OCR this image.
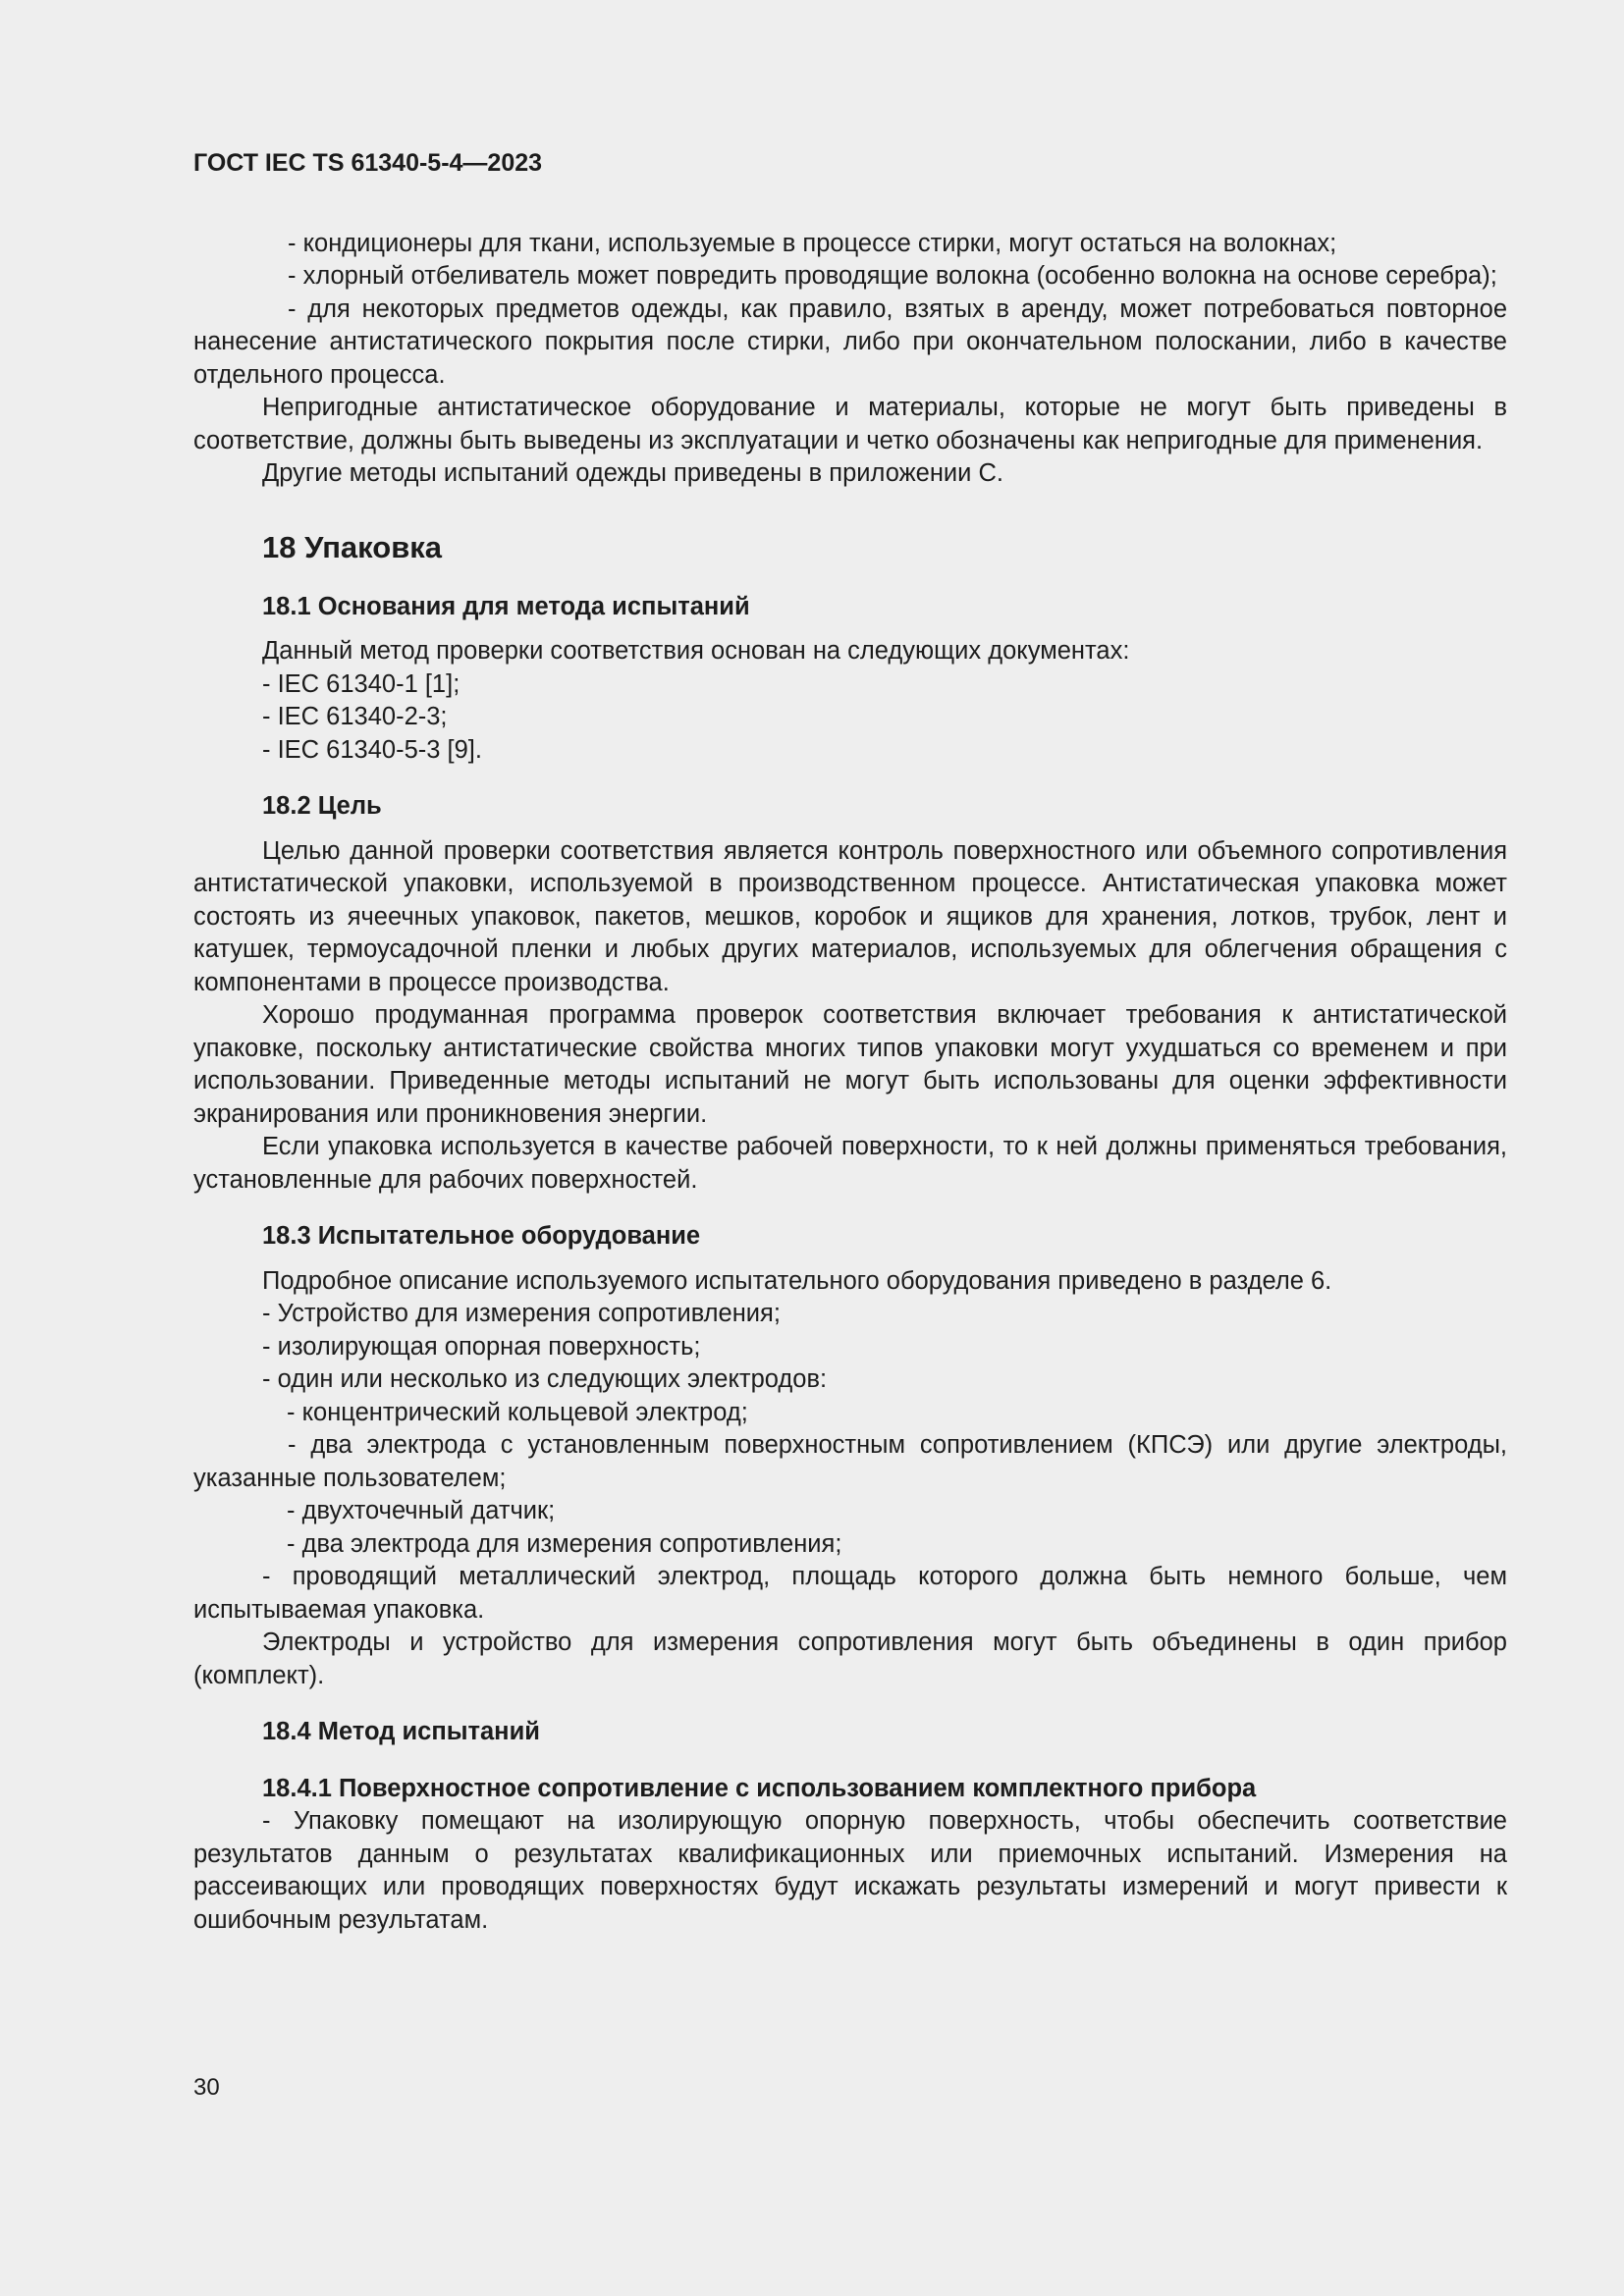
ГОСТ IEC TS 61340-5-4—2023

- кондиционеры для ткани, используемые в процессе стирки, могут остаться на волокнах;

- хлорный отбеливатель может повредить проводящие волокна (особенно волокна на основе серебра);

- для некоторых предметов одежды, как правило, взятых в аренду, может потребоваться повторное нанесение антистатического покрытия после стирки, либо при окончательном полоскании, либо в качестве отдельного процесса.

Непригодные антистатическое оборудование и материалы, которые не могут быть приведены в соответствие, должны быть выведены из эксплуатации и четко обозначены как непригодные для применения.

Другие методы испытаний одежды приведены в приложении С.

18 Упаковка
18.1 Основания для метода испытаний

Данный метод проверки соответствия основан на следующих документах:

- IEC 61340-1 [1];

- IEC 61340-2-3;

- IEC 61340-5-3 [9].

18.2 Цель

Целью данной проверки соответствия является контроль поверхностного или объемного сопротивления антистатической упаковки, используемой в производственном процессе. Антистатическая упаковка может состоять из ячеечных упаковок, пакетов, мешков, коробок и ящиков для хранения, лотков, трубок, лент и катушек, термоусадочной пленки и любых других материалов, используемых для облегчения обращения с компонентами в процессе производства.

Хорошо продуманная программа проверок соответствия включает требования к антистатической упаковке, поскольку антистатические свойства многих типов упаковки могут ухудшаться со временем и при использовании. Приведенные методы испытаний не могут быть использованы для оценки эффективности экранирования или проникновения энергии.

Если упаковка используется в качестве рабочей поверхности, то к ней должны применяться требования, установленные для рабочих поверхностей.

18.3 Испытательное оборудование

Подробное описание используемого испытательного оборудования приведено в разделе 6.

- Устройство для измерения сопротивления;

- изолирующая опорная поверхность;

- один или несколько из следующих электродов:

- концентрический кольцевой электрод;

- два электрода с установленным поверхностным сопротивлением (КПСЭ) или другие электроды, указанные пользователем;

- двухточечный датчик;

- два электрода для измерения сопротивления;

- проводящий металлический электрод, площадь которого должна быть немного больше, чем испытываемая упаковка.

Электроды и устройство для измерения сопротивления могут быть объединены в один прибор (комплект).

18.4 Метод испытаний
18.4.1 Поверхностное сопротивление с использованием комплектного прибора

- Упаковку помещают на изолирующую опорную поверхность, чтобы обеспечить соответствие результатов данным о результатах квалификационных или приемочных испытаний. Измерения на рассеивающих или проводящих поверхностях будут искажать результаты измерений и могут привести к ошибочным результатам.

30
